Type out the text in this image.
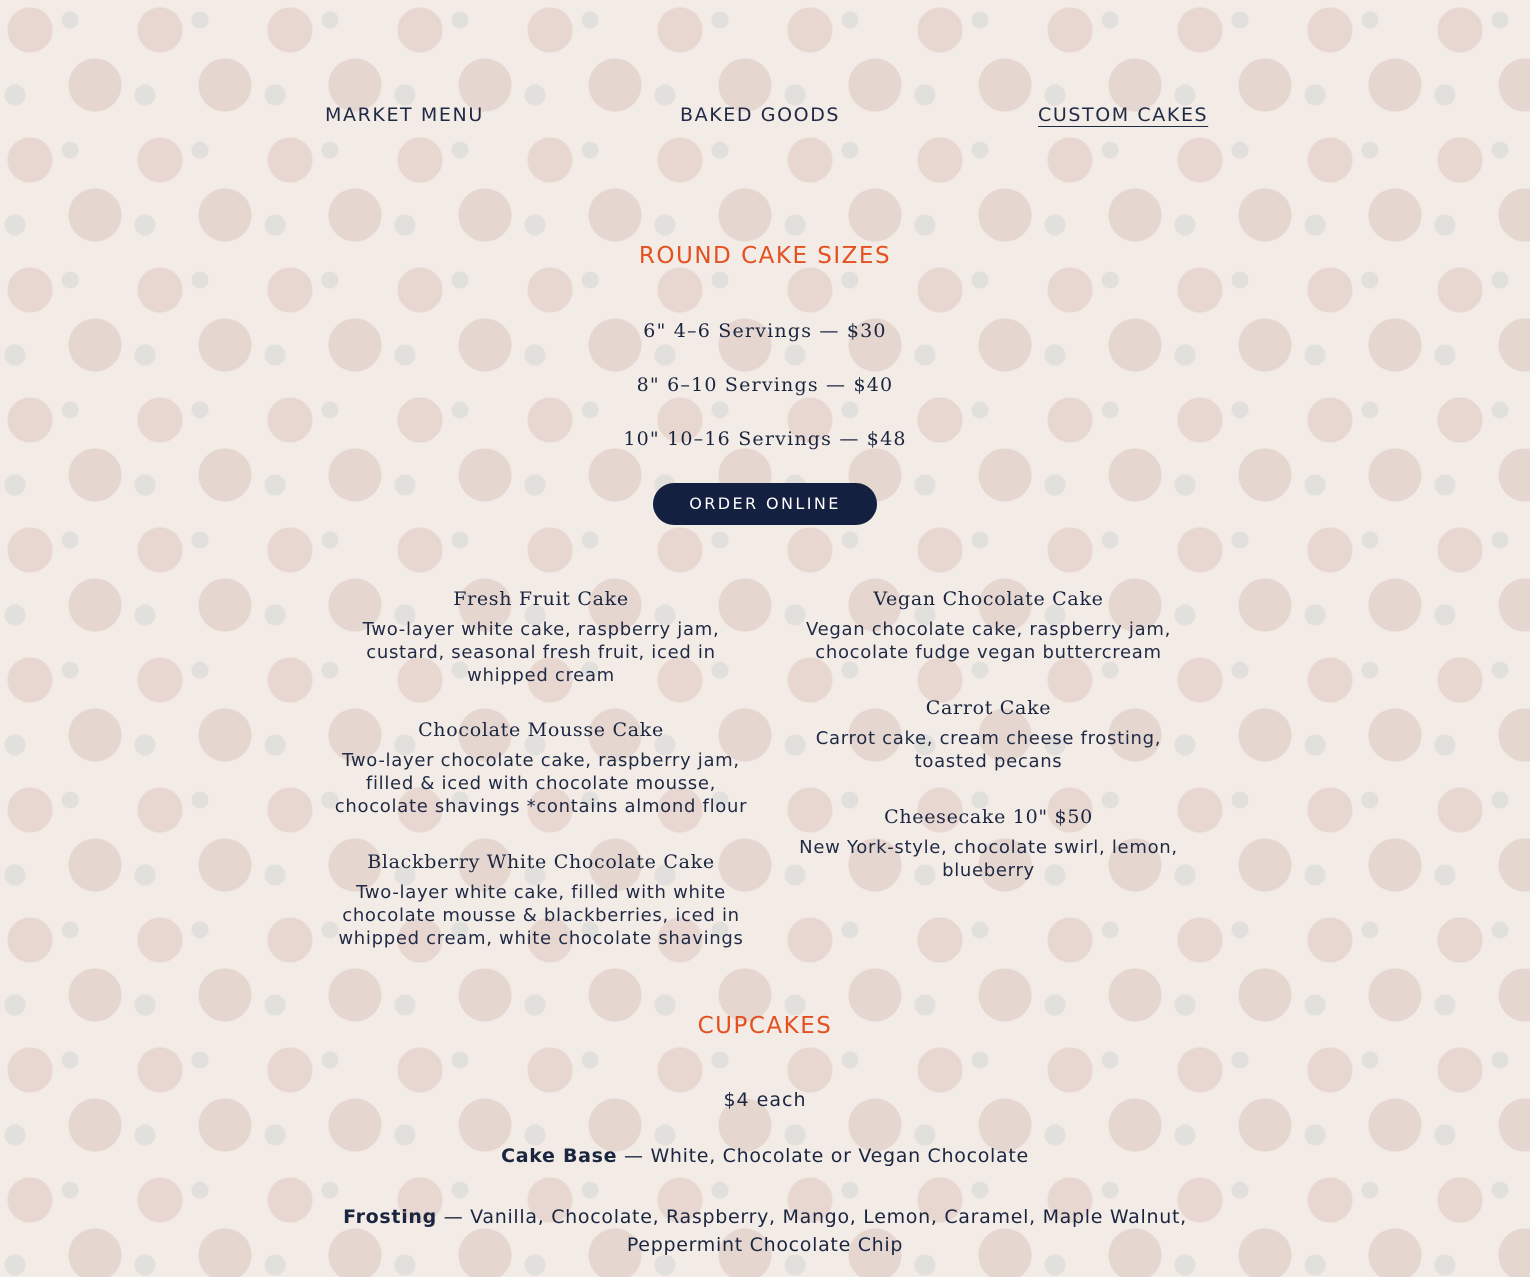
MARKET MENU	BAKED GOODS	CUSTOM CAKES
ROUND CAKE SIZES
6" 4–6 Servings — $30
8" 6–10 Servings — $40
10" 10–16 Servings — $48
ORDER ONLINE
Fresh Fruit Cake
Two-layer white cake, raspberry jam, custard, seasonal fresh fruit, iced in whipped cream
Chocolate Mousse Cake
Two-layer chocolate cake, raspberry jam, filled & iced with chocolate mousse, chocolate shavings *contains almond flour
Blackberry White Chocolate Cake
Two-layer white cake, filled with white chocolate mousse & blackberries, iced in whipped cream, white chocolate shavings
Vegan Chocolate Cake
Vegan chocolate cake, raspberry jam, chocolate fudge vegan buttercream
Carrot Cake
Carrot cake, cream cheese frosting, toasted pecans
Cheesecake 10" $50
New York-style, chocolate swirl, lemon, blueberry
CUPCAKES
$4 each
Cake Base — White, Chocolate or Vegan Chocolate
Frosting — Vanilla, Chocolate, Raspberry, Mango, Lemon, Caramel, Maple Walnut, Peppermint Chocolate Chip
